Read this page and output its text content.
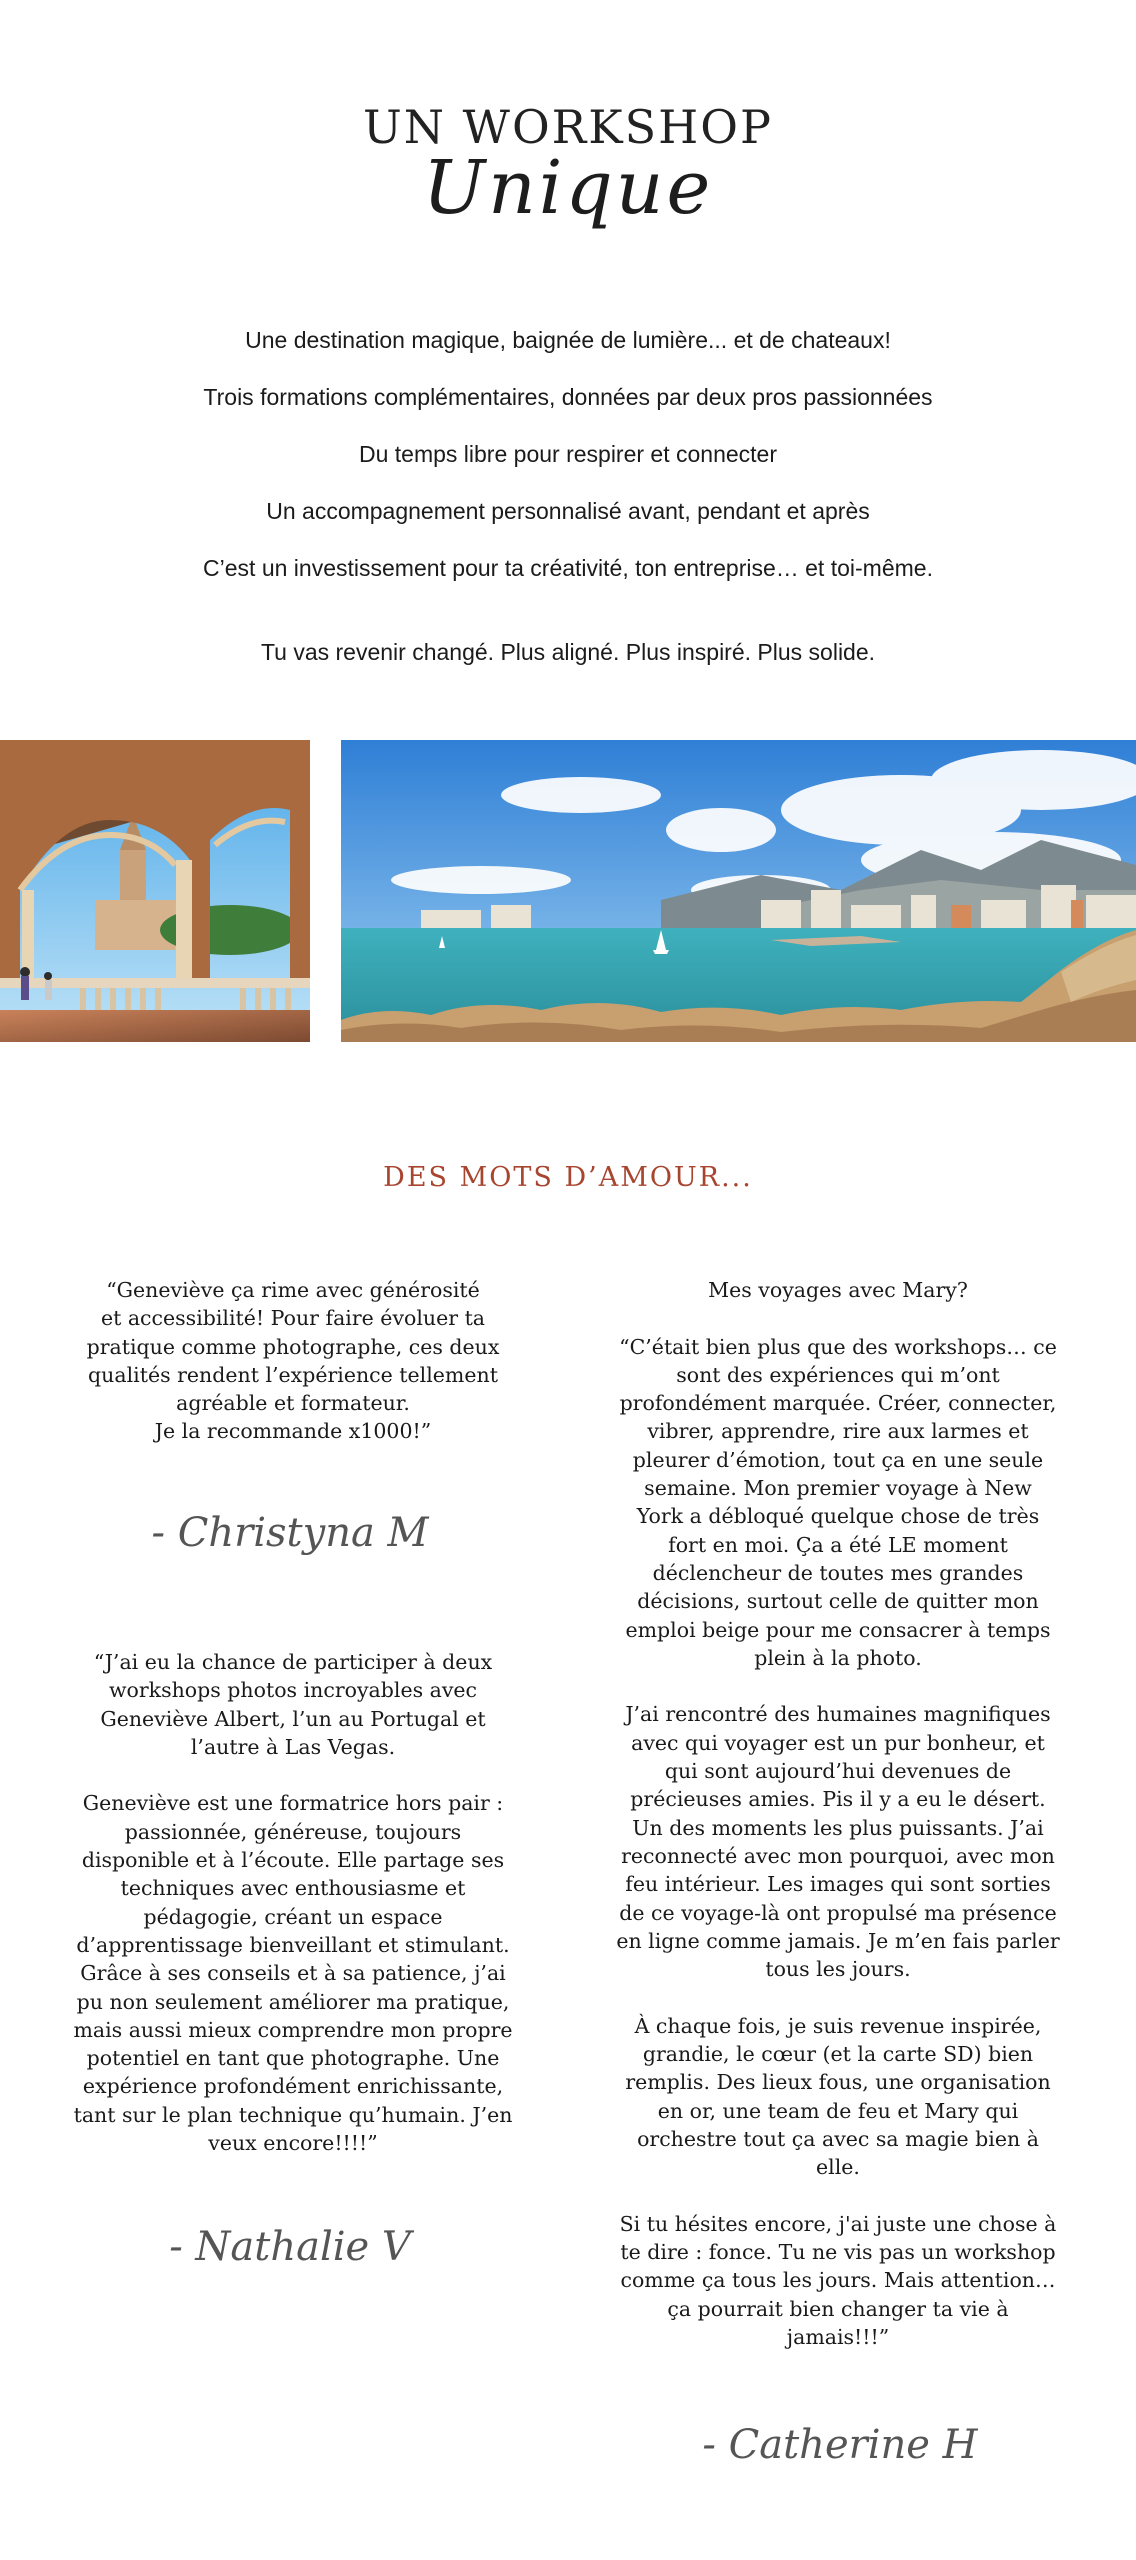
UN WORKSHOP
Unique
Une destination magique, baignée de lumière... et de chateaux!
Trois formations complémentaires, données par deux pros passionnées
Du temps libre pour respirer et connecter
Un accompagnement personnalisé avant, pendant et après
C’est un investissement pour ta créativité, ton entreprise… et toi-même.
Tu vas revenir changé. Plus aligné. Plus inspiré. Plus solide.
DES MOTS D’AMOUR...

“Geneviève ça rime avec générosité
et accessibilité! Pour faire évoluer ta
pratique comme photographe, ces deux
qualités rendent l’expérience tellement
agréable et formateur.
Je la recommande x1000!”

- Christyna M

“J’ai eu la chance de participer à deux
workshops photos incroyables avec
Geneviève Albert, l’un au Portugal et
l’autre à Las Vegas.

Geneviève est une formatrice hors pair :
passionnée, généreuse, toujours
disponible et à l’écoute. Elle partage ses
techniques avec enthousiasme et
pédagogie, créant un espace
d’apprentissage bienveillant et stimulant.
Grâce à ses conseils et à sa patience, j’ai
pu non seulement améliorer ma pratique,
mais aussi mieux comprendre mon propre
potentiel en tant que photographe. Une
expérience profondément enrichissante,
tant sur le plan technique qu’humain. J’en
veux encore!!!!”

- Nathalie V

Mes voyages avec Mary?

“C’était bien plus que des workshops… ce
sont des expériences qui m’ont
profondément marquée. Créer, connecter,
vibrer, apprendre, rire aux larmes et
pleurer d’émotion, tout ça en une seule
semaine. Mon premier voyage à New
York a débloqué quelque chose de très
fort en moi. Ça a été LE moment
déclencheur de toutes mes grandes
décisions, surtout celle de quitter mon
emploi beige pour me consacrer à temps
plein à la photo.

J’ai rencontré des humaines magnifiques
avec qui voyager est un pur bonheur, et
qui sont aujourd’hui devenues de
précieuses amies. Pis il y a eu le désert.
Un des moments les plus puissants. J’ai
reconnecté avec mon pourquoi, avec mon
feu intérieur. Les images qui sont sorties
de ce voyage-là ont propulsé ma présence
en ligne comme jamais. Je m’en fais parler
tous les jours.

À chaque fois, je suis revenue inspirée,
grandie, le cœur (et la carte SD) bien
remplis. Des lieux fous, une organisation
en or, une team de feu et Mary qui
orchestre tout ça avec sa magie bien à
elle.

Si tu hésites encore, j'ai juste une chose à
te dire : fonce. Tu ne vis pas un workshop
comme ça tous les jours. Mais attention…
ça pourrait bien changer ta vie à
jamais!!!”

- Catherine H
